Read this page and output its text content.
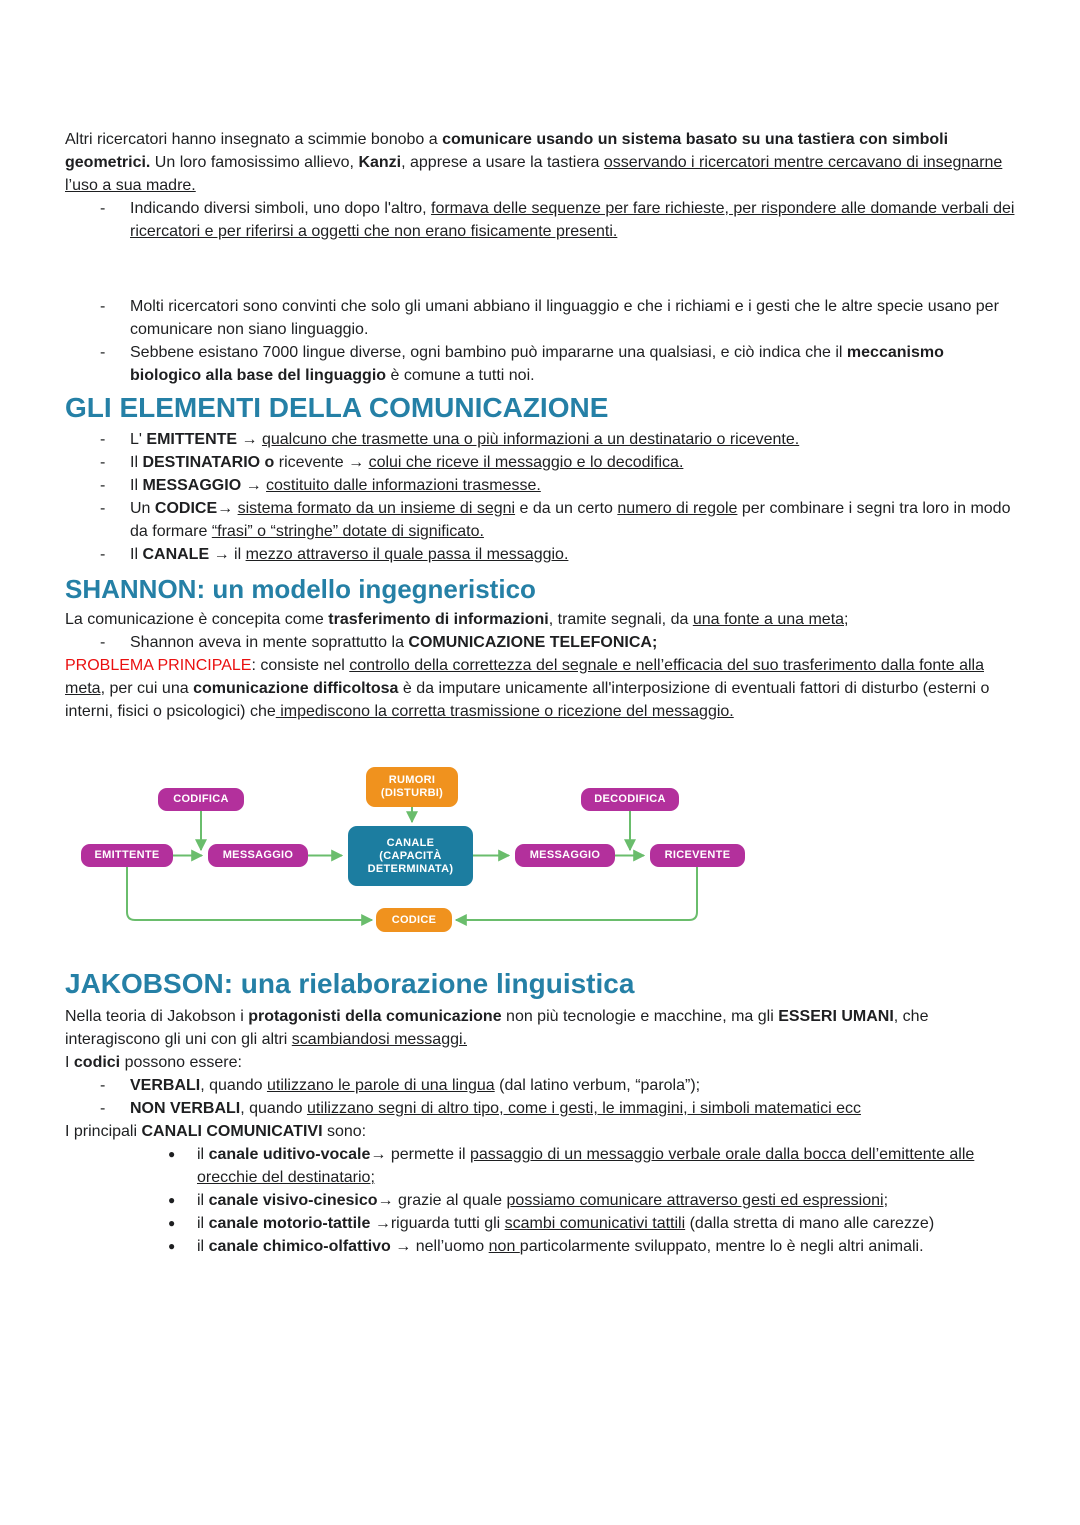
Altri ricercatori hanno insegnato a scimmie bonobo a comunicare usando un sistema basato su una tastiera con simboli geometrici. Un loro famosissimo allievo, Kanzi, apprese a usare la tastiera osservando i ricercatori mentre cercavano di insegnarne l’uso a sua madre.

- Indicando diversi simboli, uno dopo l'altro, formava delle sequenze per fare richieste, per rispondere alle domande verbali dei ricercatori e per riferirsi a oggetti che non erano fisicamente presenti.
- Molti ricercatori sono convinti che solo gli umani abbiano il linguaggio e che i richiami e i gesti che le altre specie usano per comunicare non siano linguaggio.
- Sebbene esistano 7000 lingue diverse, ogni bambino può impararne una qualsiasi, e ciò indica che il meccanismo biologico alla base del linguaggio è comune a tutti noi.
GLI ELEMENTI DELLA COMUNICAZIONE
- L' EMITTENTE → qualcuno che trasmette una o più informazioni a un destinatario o ricevente.
- Il DESTINATARIO o ricevente → colui che riceve il messaggio e lo decodifica.
- Il MESSAGGIO → costituito dalle informazioni trasmesse.
- Un CODICE→ sistema formato da un insieme di segni e da un certo numero di regole per combinare i segni tra loro in modo da formare “frasi” o “stringhe” dotate di significato.
- Il CANALE → il mezzo attraverso il quale passa il messaggio.
SHANNON: un modello ingegneristico

La comunicazione è concepita come trasferimento di informazioni, tramite segnali, da una fonte a una meta;

- Shannon aveva in mente soprattutto la COMUNICAZIONE TELEFONICA;

PROBLEMA PRINCIPALE: consiste nel controllo della correttezza del segnale e nell’efficacia del suo trasferimento dalla fonte alla meta, per cui una comunicazione difficoltosa è da imputare unicamente all'interposizione di eventuali fattori di disturbo (esterni o interni, fisici o psicologici) che impediscono la corretta trasmissione o ricezione del messaggio.

CODIFICA
RUMORI
(DISTURBI)	DECODIFICA
EMITTENTE	MESSAGGIO
CANALE
(CAPACITÀ
DETERMINATA)
MESSAGGIO	RICEVENTE
CODICE
JAKOBSON: una rielaborazione linguistica

Nella teoria di Jakobson i protagonisti della comunicazione non più tecnologie e macchine, ma gli ESSERI UMANI, che interagiscono gli uni con gli altri scambiandosi messaggi.

I codici possono essere:

- VERBALI, quando utilizzano le parole di una lingua (dal latino verbum, “parola”);
- NON VERBALI, quando utilizzano segni di altro tipo, come i gesti, le immagini, i simboli matematici ecc

I principali CANALI COMUNICATIVI sono:

● il canale uditivo-vocale→ permette il passaggio di un messaggio verbale orale dalla bocca dell’emittente alle orecchie del destinatario;
● il canale visivo-cinesico→ grazie al quale possiamo comunicare attraverso gesti ed espressioni;
● il canale motorio-tattile →riguarda tutti gli scambi comunicativi tattili (dalla stretta di mano alle carezze)
● il canale chimico-olfattivo → nell’uomo non particolarmente sviluppato, mentre lo è negli altri animali.
